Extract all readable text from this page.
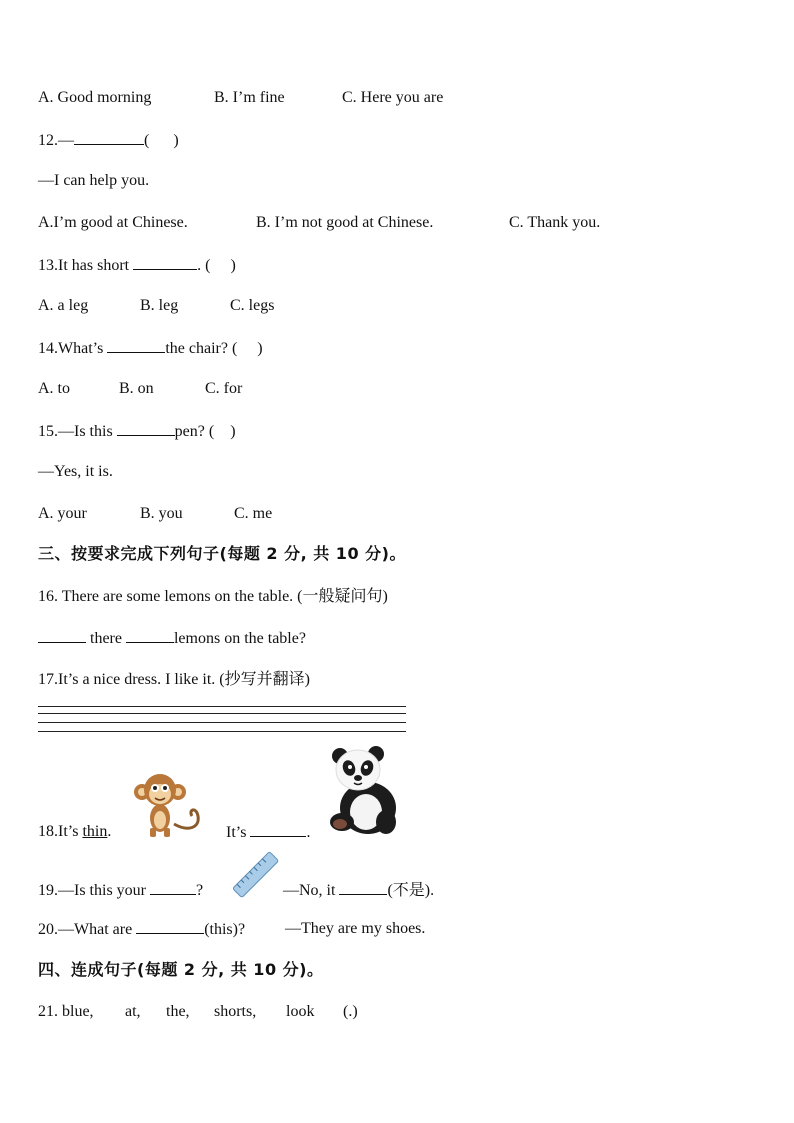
A. Good morning	B. I’m fine	C. Here you are
12.—	(      )
—I can help you.
A.I’m good at Chinese.	B. I’m not good at Chinese.	C. Thank you.
13.It has short	. (     )
A. a leg	B. leg	C. legs
14.What’s	the chair? (     )
A. to	B. on	C. for
15.—Is this	pen? (    )
—Yes, it is.
A. your	B. you	C. me
三、按要求完成下列句子(每题 2 分, 共 10 分)。
16. There are some lemons on the table. (一般疑问句)
there	lemons on the table?
17.It’s a nice dress. I like it. (抄写并翻译)
18.It’s thin.	It’s	.
19.—Is this your	?	—No, it	(不是).
20.—What are	(this)? —They are my shoes.
四、连成句子(每题 2 分, 共 10 分)。
21. blue, at, the, shorts, look (.)
